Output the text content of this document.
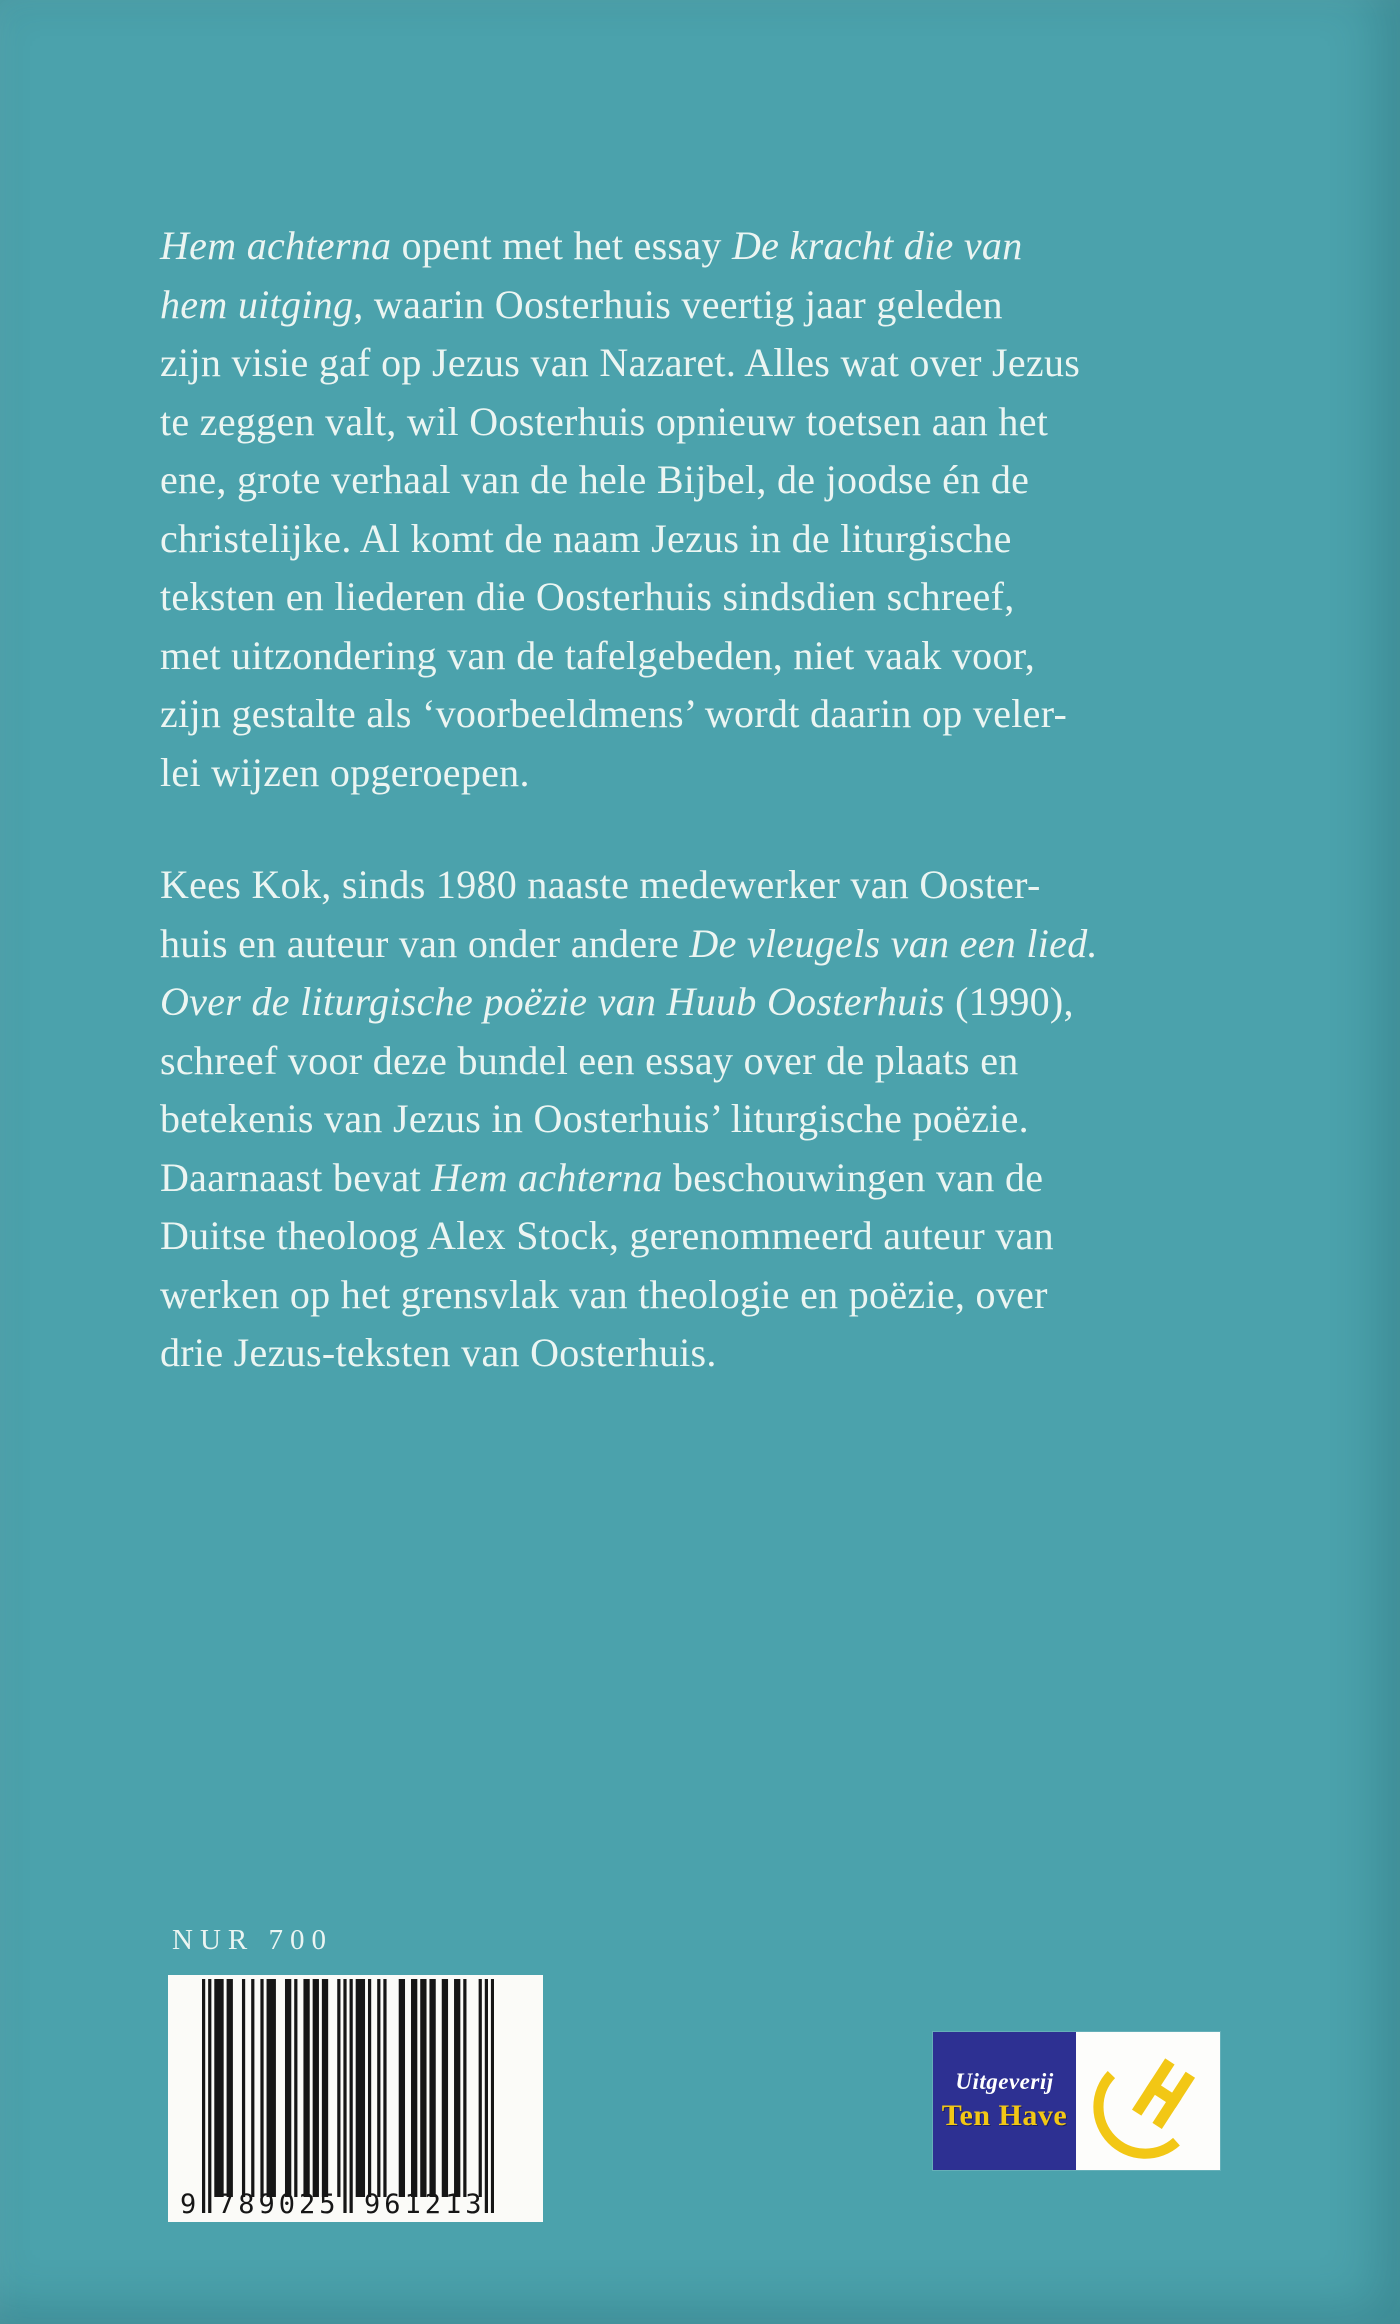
Hem achterna opent met het essay De kracht die van
hem uitging, waarin Oosterhuis veertig jaar geleden
zijn visie gaf op Jezus van Nazaret. Alles wat over Jezus
te zeggen valt, wil Oosterhuis opnieuw toetsen aan het
ene, grote verhaal van de hele Bijbel, de joodse én de
christelijke. Al komt de naam Jezus in de liturgische
teksten en liederen die Oosterhuis sindsdien schreef,
met uitzondering van de tafelgebeden, niet vaak voor,
zijn gestalte als ‘voorbeeldmens’ wordt daarin op veler-
lei wijzen opgeroepen.
Kees Kok, sinds 1980 naaste medewerker van Ooster-
huis en auteur van onder andere De vleugels van een lied.
Over de liturgische poëzie van Huub Oosterhuis (1990),
schreef voor deze bundel een essay over de plaats en
betekenis van Jezus in Oosterhuis’ liturgische poëzie.
Daarnaast bevat Hem achterna beschouwingen van de
Duitse theoloog Alex Stock, gerenommeerd auteur van
werken op het grensvlak van theologie en poëzie, over
drie Jezus-teksten van Oosterhuis.
NUR 700
9 789025 961213
Uitgeverij
Ten Have
